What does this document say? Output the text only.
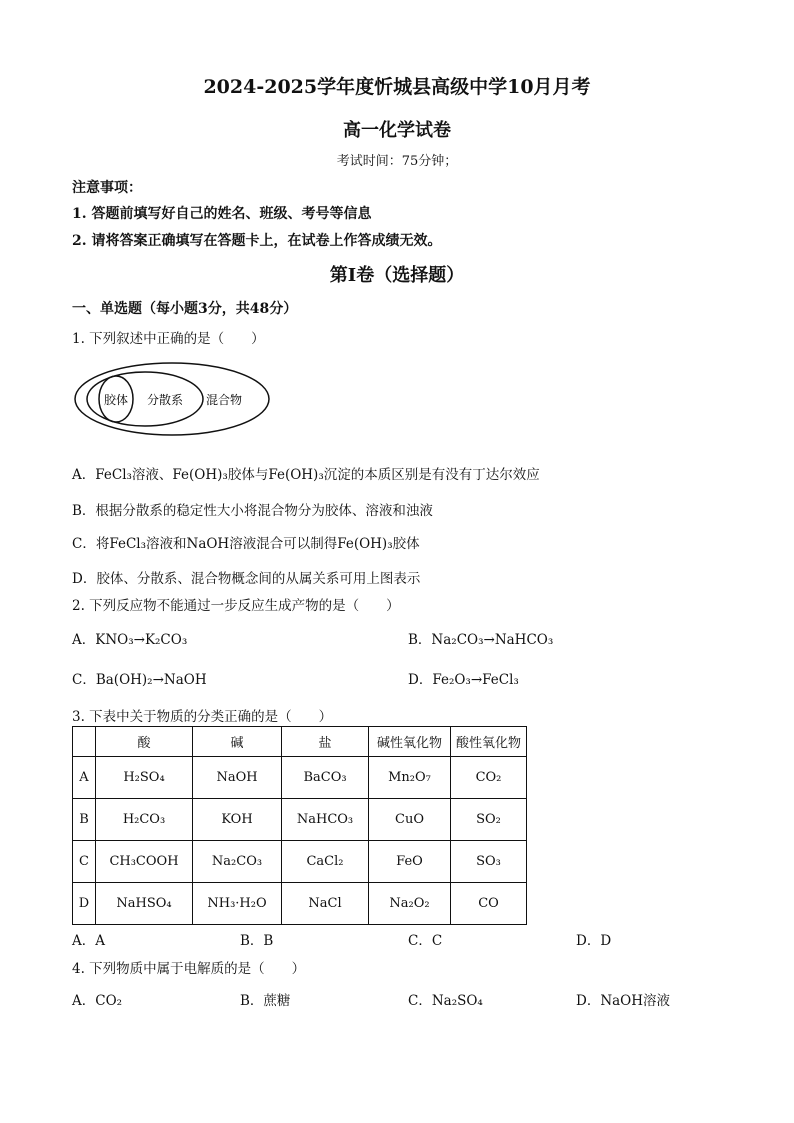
2024-2025学年度忻城县高级中学10月月考
高一化学试卷
考试时间：75分钟；
注意事项：
1. 答题前填写好自己的姓名、班级、考号等信息
2. 请将答案正确填写在答题卡上，在试卷上作答成绩无效。
第Ⅰ卷（选择题）
一、单选题（每小题3分，共48分）
1. 下列叙述中正确的是（　　）
胶体 分散系 混合物
A．FeCl₃溶液、Fe(OH)₃胶体与Fe(OH)₃沉淀的本质区别是有没有丁达尔效应
B．根据分散系的稳定性大小将混合物分为胶体、溶液和浊液
C．将FeCl₃溶液和NaOH溶液混合可以制得Fe(OH)₃胶体
D．胶体、分散系、混合物概念间的从属关系可用上图表示
2. 下列反应物不能通过一步反应生成产物的是（　　）
A．KNO₃→K₂CO₃	B．Na₂CO₃→NaHCO₃
C．Ba(OH)₂→NaOH	D．Fe₂O₃→FeCl₃
3. 下表中关于物质的分类正确的是（　　）
	酸	碱	盐	碱性氧化物	酸性氧化物
A	H₂SO₄	NaOH	BaCO₃	Mn₂O₇	CO₂
B	H₂CO₃	KOH	NaHCO₃	CuO	SO₂
C	CH₃COOH	Na₂CO₃	CaCl₂	FeO	SO₃
D	NaHSO₄	NH₃·H₂O	NaCl	Na₂O₂	CO
A．A	B．B	C．C	D．D
4. 下列物质中属于电解质的是（　　）
A．CO₂	B．蔗糖	C．Na₂SO₄	D．NaOH溶液
